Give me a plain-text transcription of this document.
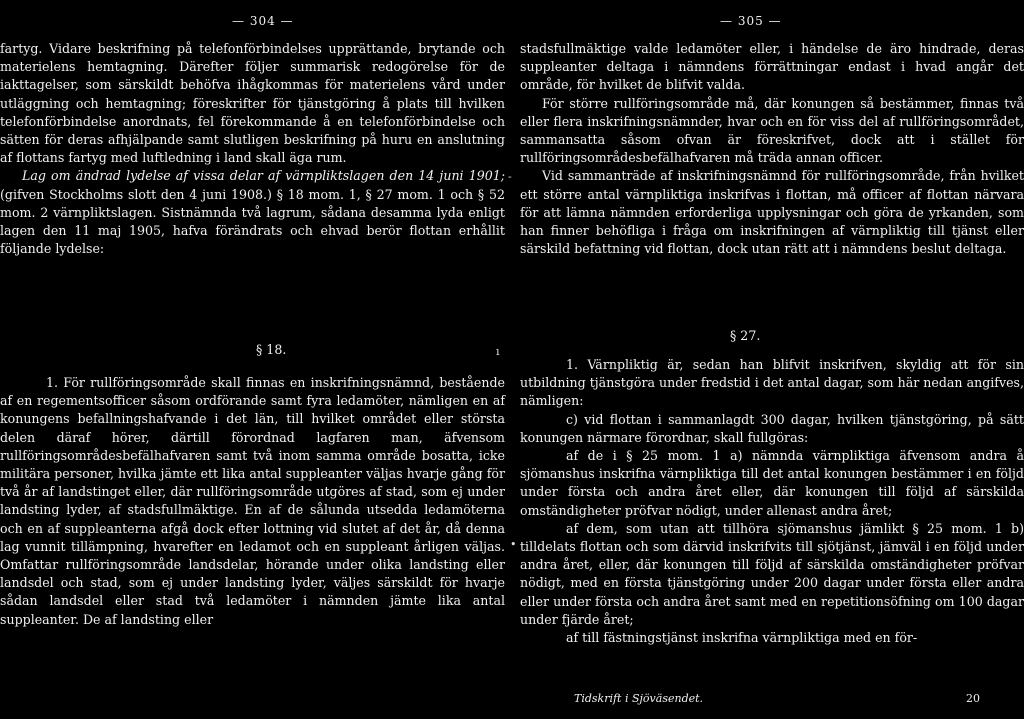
— 304 —

fartyg. Vidare beskrifning på telefonförbindelses upprättande, brytande och materielens hemtagning. Därefter följer summarisk redogörelse för de iakttagelser, som särskildt behöfva ihågkommas för materielens vård under utläggning och hemtagning; föreskrifter för tjänstgöring å plats till hvilken telefonförbindelse anordnats, fel förekommande å en telefonförbindelse och sätten för deras afhjälpande samt slutligen beskrifning på huru en anslutning af flottans fartyg med luftledning i land skall äga rum.

Lag om ändrad lydelse af vissa delar af värnpliktslagen den 14 juni 1901; (gifven Stockholms slott den 4 juni 1908.) § 18 mom. 1, § 27 mom. 1 och § 52 mom. 2 värnpliktslagen. Sistnämnda två lagrum, sådana desamma lyda enligt lagen den 11 maj 1905, hafva förändrats och ehvad berör flottan erhållit följande lydelse:

§ 18.

1. För rullföringsområde skall finnas en inskrifningsnämnd, bestående af en regementsofficer såsom ordförande samt fyra ledamöter, nämligen en af konungens befallningshafvande i det län, till hvilket området eller största delen däraf hörer, därtill förordnad lagfaren man, äfvensom rullföringsområdesbefälhafvaren samt två inom samma område bosatta, icke militära personer, hvilka jämte ett lika antal suppleanter väljas hvarje gång för två år af landstinget eller, där rullföringsområde utgöres af stad, som ej under landsting lyder, af stadsfullmäktige. En af de sålunda utsedda ledamöterna och en af suppleanterna afgå dock efter lottning vid slutet af det år, då denna lag vunnit tillämpning, hvarefter en ledamot och en suppleant årligen väljas. Omfattar rullföringsområde landsdelar, hörande under olika landsting eller landsdel och stad, som ej under landsting lyder, väljes särskildt för hvarje sådan landsdel eller stad två ledamöter i nämnden jämte lika antal suppleanter. De af landsting eller

— 305 —

stadsfullmäktige valde ledamöter eller, i händelse de äro hindrade, deras suppleanter deltaga i nämndens förrättningar endast i hvad angår det område, för hvilket de blifvit valda.

För större rullföringsområde må, där konungen så bestämmer, finnas två eller flera inskrifningsnämnder, hvar och en för viss del af rullföringsområdet, sammansatta såsom ofvan är föreskrifvet, dock att i stället för rullföringsområdesbefälhafvaren må träda annan officer.

Vid sammanträde af inskrifningsnämnd för rullföringsområde, från hvilket ett större antal värnpliktiga inskrifvas i flottan, må officer af flottan närvara för att lämna nämnden erforderliga upplysningar och göra de yrkanden, som han finner behöfliga i fråga om inskrifningen af värnpliktig till tjänst eller särskild befattning vid flottan, dock utan rätt att i nämndens beslut deltaga.

§ 27.

1. Värnpliktig är, sedan han blifvit inskrifven, skyldig att för sin utbildning tjänstgöra under fredstid i det antal dagar, som här nedan angifves, nämligen:

c) vid flottan i sammanlagdt 300 dagar, hvilken tjänstgöring, på sätt konungen närmare förordnar, skall fullgöras:

af de i § 25 mom. 1 a) nämnda värnpliktiga äfvensom andra å sjömanshus inskrifna värnpliktiga till det antal konungen bestämmer i en följd under första och andra året eller, där konungen till följd af särskilda omständigheter pröfvar nödigt, under allenast andra året;

af dem, som utan att tillhöra sjömanshus jämlikt § 25 mom. 1 b) tilldelats flottan och som därvid inskrifvits till sjötjänst, jämväl i en följd under andra året, eller, där konungen till följd af särskilda omständigheter pröfvar nödigt, med en första tjänstgöring under 200 dagar under första eller andra eller under första och andra året samt med en repetitionsöfning om 100 dagar under fjärde året;

af till fästningstjänst inskrifna värnpliktiga med en för-

Tidskrift i Sjöväsendet.	20
-
ı
•
